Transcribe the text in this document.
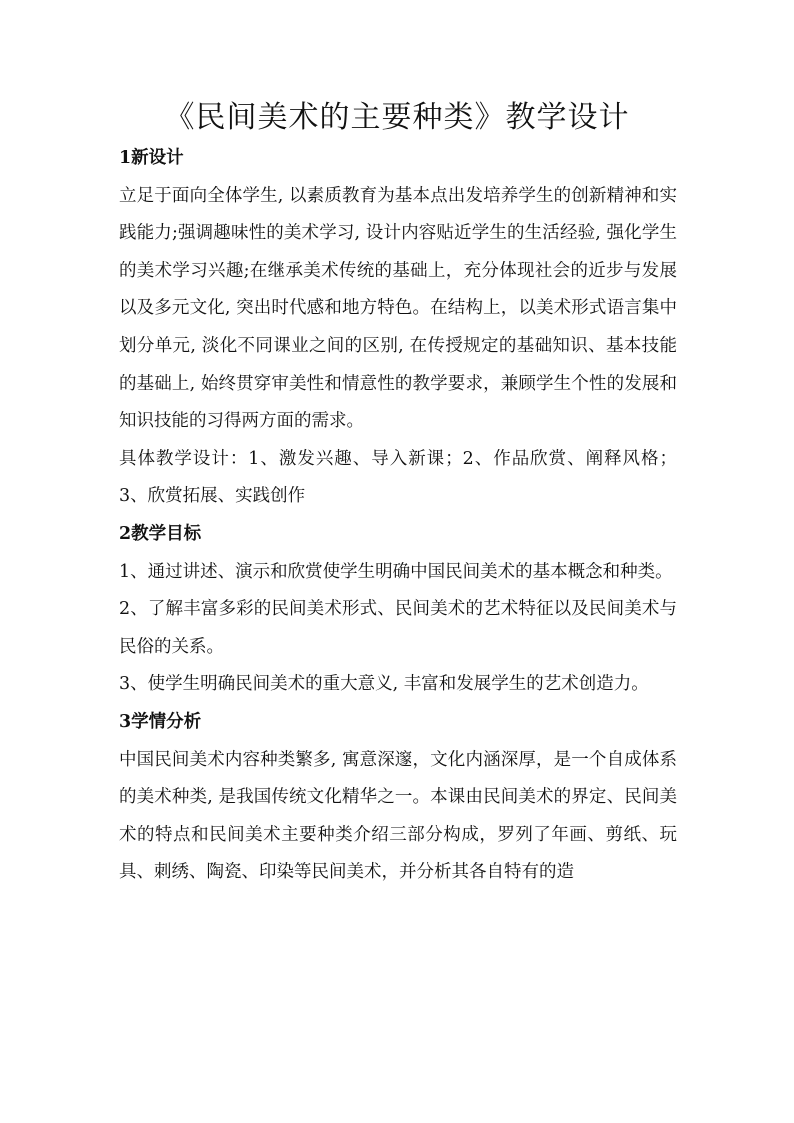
《民间美术的主要种类》教学设计
1新设计

立足于面向全体学生, 以素质教育为基本点出发培养学生的创新精神和实践能力;强调趣味性的美术学习, 设计内容贴近学生的生活经验, 强化学生的美术学习兴趣;在继承美术传统的基础上，充分体现社会的近步与发展以及多元文化, 突出时代感和地方特色。在结构上，以美术形式语言集中划分单元, 淡化不同课业之间的区别, 在传授规定的基础知识、基本技能的基础上, 始终贯穿审美性和情意性的教学要求，兼顾学生个性的发展和知识技能的习得两方面的需求。

具体教学设计：1、激发兴趣、导入新课；2、作品欣赏、阐释风格；3、欣赏拓展、实践创作

2教学目标

1、通过讲述、演示和欣赏使学生明确中国民间美术的基本概念和种类。

2、了解丰富多彩的民间美术形式、民间美术的艺术特征以及民间美术与民俗的关系。

3、使学生明确民间美术的重大意义, 丰富和发展学生的艺术创造力。

3学情分析

中国民间美术内容种类繁多, 寓意深邃，文化内涵深厚，是一个自成体系的美术种类, 是我国传统文化精华之一。本课由民间美术的界定、民间美术的特点和民间美术主要种类介绍三部分构成，罗列了年画、剪纸、玩具、刺绣、陶瓷、印染等民间美术，并分析其各自特有的造
